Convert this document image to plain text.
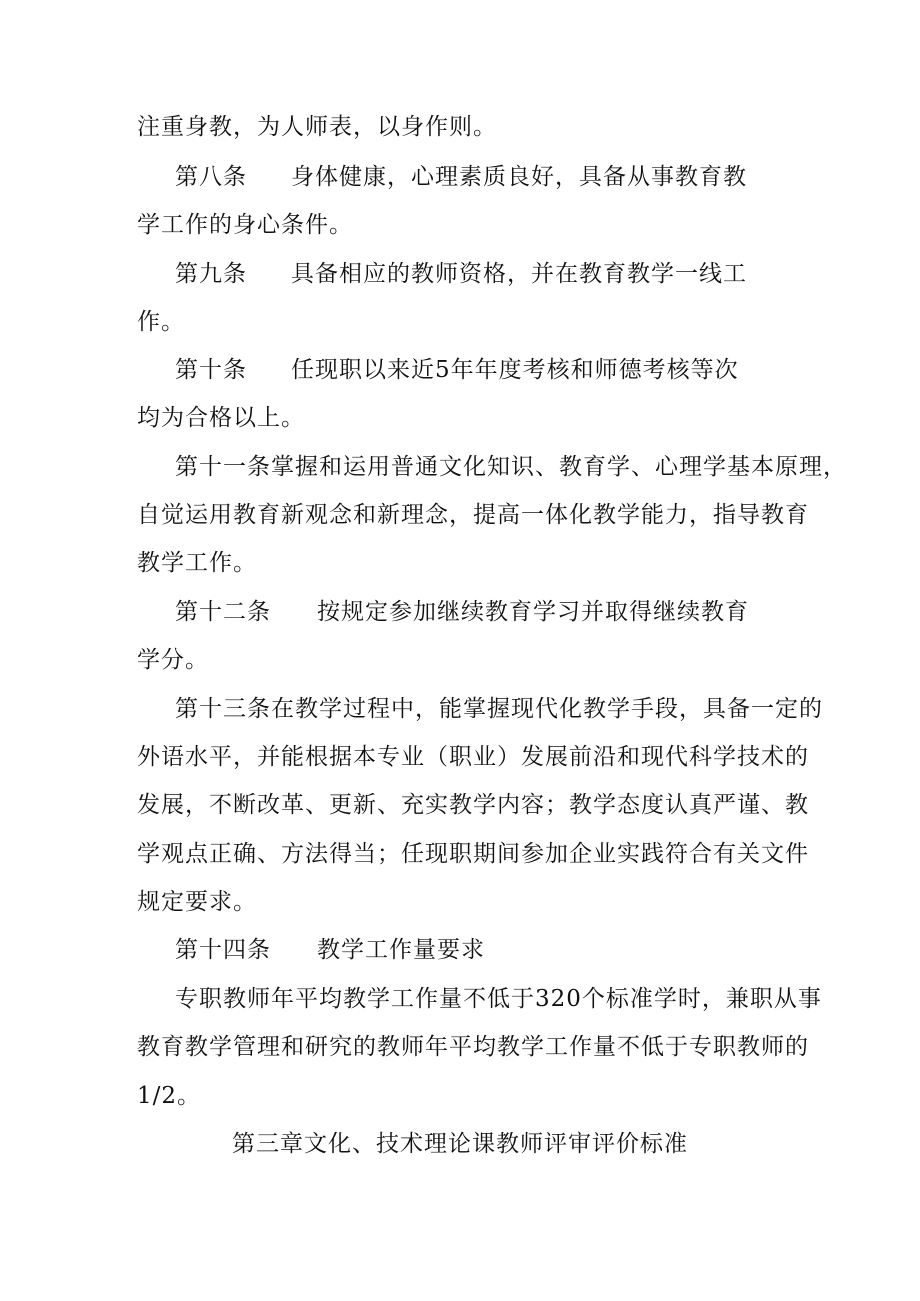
注重身教，为人师表，以身作则。
第八条 身体健康，心理素质良好，具备从事教育教
学工作的身心条件。
第九条 具备相应的教师资格，并在教育教学一线工
作。
第十条 任现职以来近5年年度考核和师德考核等次
均为合格以上。
第十一条掌握和运用普通文化知识、教育学、心理学基本原理，
自觉运用教育新观念和新理念，提高一体化教学能力，指导教育
教学工作。
第十二条 按规定参加继续教育学习并取得继续教育
学分。
第十三条在教学过程中，能掌握现代化教学手段，具备一定的
外语水平，并能根据本专业（职业）发展前沿和现代科学技术的
发展，不断改革、更新、充实教学内容；教学态度认真严谨、教
学观点正确、方法得当；任现职期间参加企业实践符合有关文件
规定要求。
第十四条 教学工作量要求
专职教师年平均教学工作量不低于320个标准学时，兼职从事
教育教学管理和研究的教师年平均教学工作量不低于专职教师的
1/2。
第三章文化、技术理论课教师评审评价标准
